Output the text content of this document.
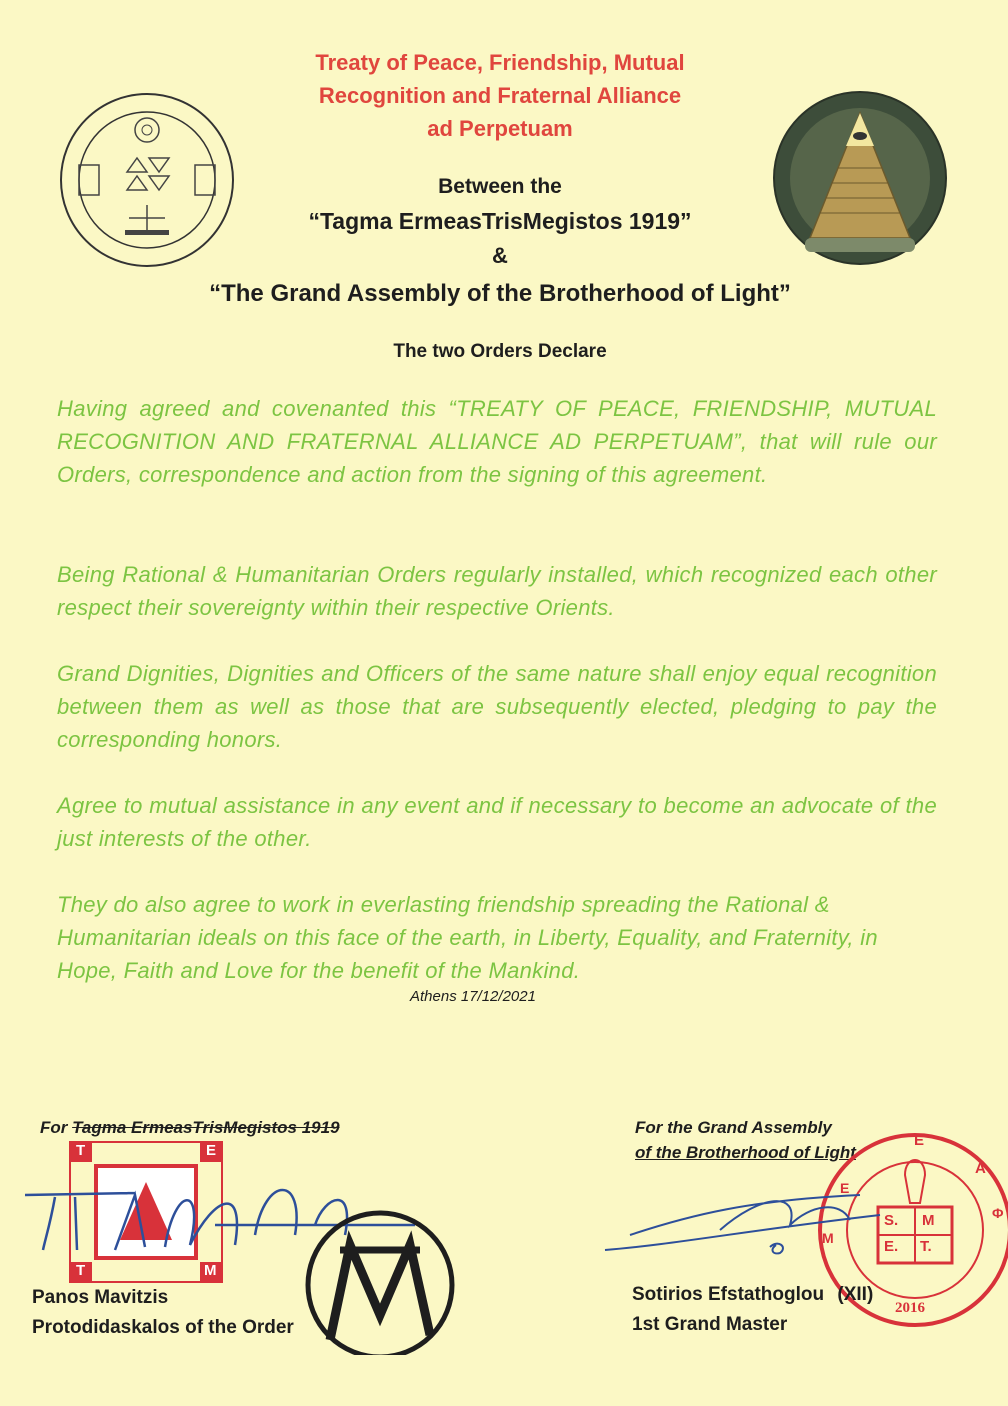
Treaty of Peace, Friendship, Mutual
Recognition and Fraternal Alliance
ad Perpetuam
Between the
“Tagma ErmeasTrisMegistos 1919”
&
“The Grand Assembly of the Brotherhood of Light”
The two Orders Declare
Having agreed and covenanted this “TREATY OF PEACE, FRIENDSHIP, MUTUAL RECOGNITION AND FRATERNAL ALLIANCE AD PERPETUAM”, that will rule our Orders, correspondence and action from the signing of this agreement.
Being Rational & Humanitarian Orders regularly installed, which recognized each other respect their sovereignty within their respective Orients.
Grand Dignities, Dignities and Officers of the same nature shall enjoy equal recognition between them as well as those that are subsequently elected, pledging to pay the corresponding honors.
Agree to mutual assistance in any event and if necessary to become an advocate of the just interests of the other.
They do also agree to work in everlasting friendship spreading the Rational & Humanitarian ideals on this face of the earth, in Liberty, Equality, and Fraternity, in Hope, Faith and Love for the benefit of the Mankind.
Athens 17/12/2021
For Tagma ErmeasTrisMegistos 1919
T	E
T	M
Panos Mavitzis
Protodidaskalos of the Order
For the Grand Assembly
of the Brotherhood of Light
E
A
Φ
M
E
S. M
E. T.
2016
Sotirios Efstathoglou (XII)
1st Grand Master
